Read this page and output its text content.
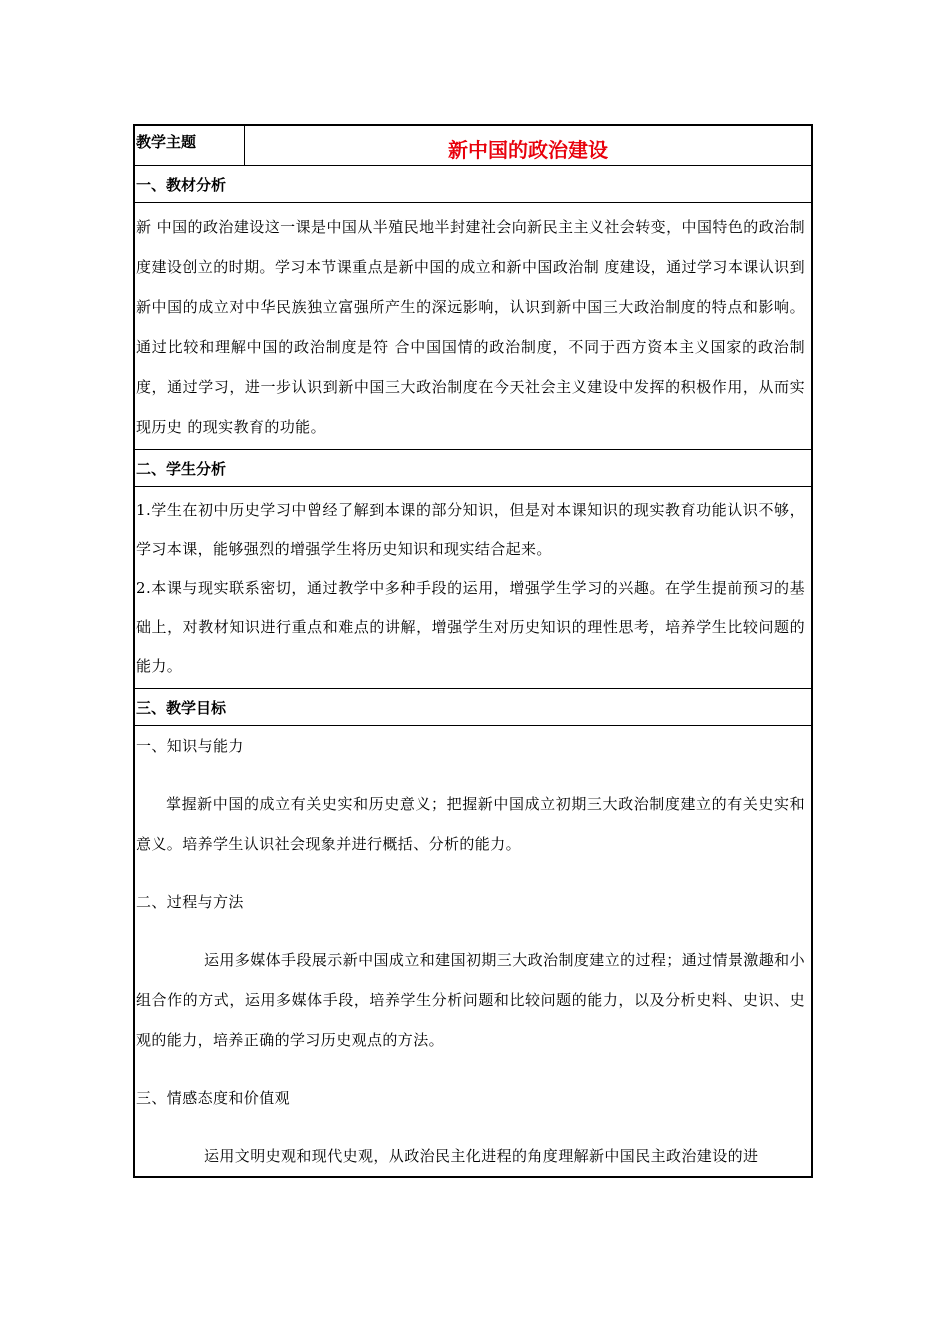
教学主题	新中国的政治建设
一、教材分析

新 中国的政治建设这一课是中国从半殖民地半封建社会向新民主主义社会转变，中国特色的政治制度建设创立的时期。学习本节课重点是新中国的成立和新中国政治制 度建设，通过学习本课认识到新中国的成立对中华民族独立富强所产生的深远影响，认识到新中国三大政治制度的特点和影响。通过比较和理解中国的政治制度是符 合中国国情的政治制度，不同于西方资本主义国家的政治制度，通过学习，进一步认识到新中国三大政治制度在今天社会主义建设中发挥的积极作用，从而实现历史 的现实教育的功能。

二、学生分析

1.学生在初中历史学习中曾经了解到本课的部分知识，但是对本课知识的现实教育功能认识不够，学习本课，能够强烈的增强学生将历史知识和现实结合起来。

2.本课与现实联系密切，通过教学中多种手段的运用，增强学生学习的兴趣。在学生提前预习的基础上，对教材知识进行重点和难点的讲解，增强学生对历史知识的理性思考，培养学生比较问题的能力。

三、教学目标

一、知识与能力

掌握新中国的成立有关史实和历史意义；把握新中国成立初期三大政治制度建立的有关史实和意义。培养学生认识社会现象并进行概括、分析的能力。

二、过程与方法

运用多媒体手段展示新中国成立和建国初期三大政治制度建立的过程；通过情景激趣和小组合作的方式，运用多媒体手段，培养学生分析问题和比较问题的能力，以及分析史料、史识、史观的能力，培养正确的学习历史观点的方法。

三、情感态度和价值观

运用文明史观和现代史观，从政治民主化进程的角度理解新中国民主政治建设的进
